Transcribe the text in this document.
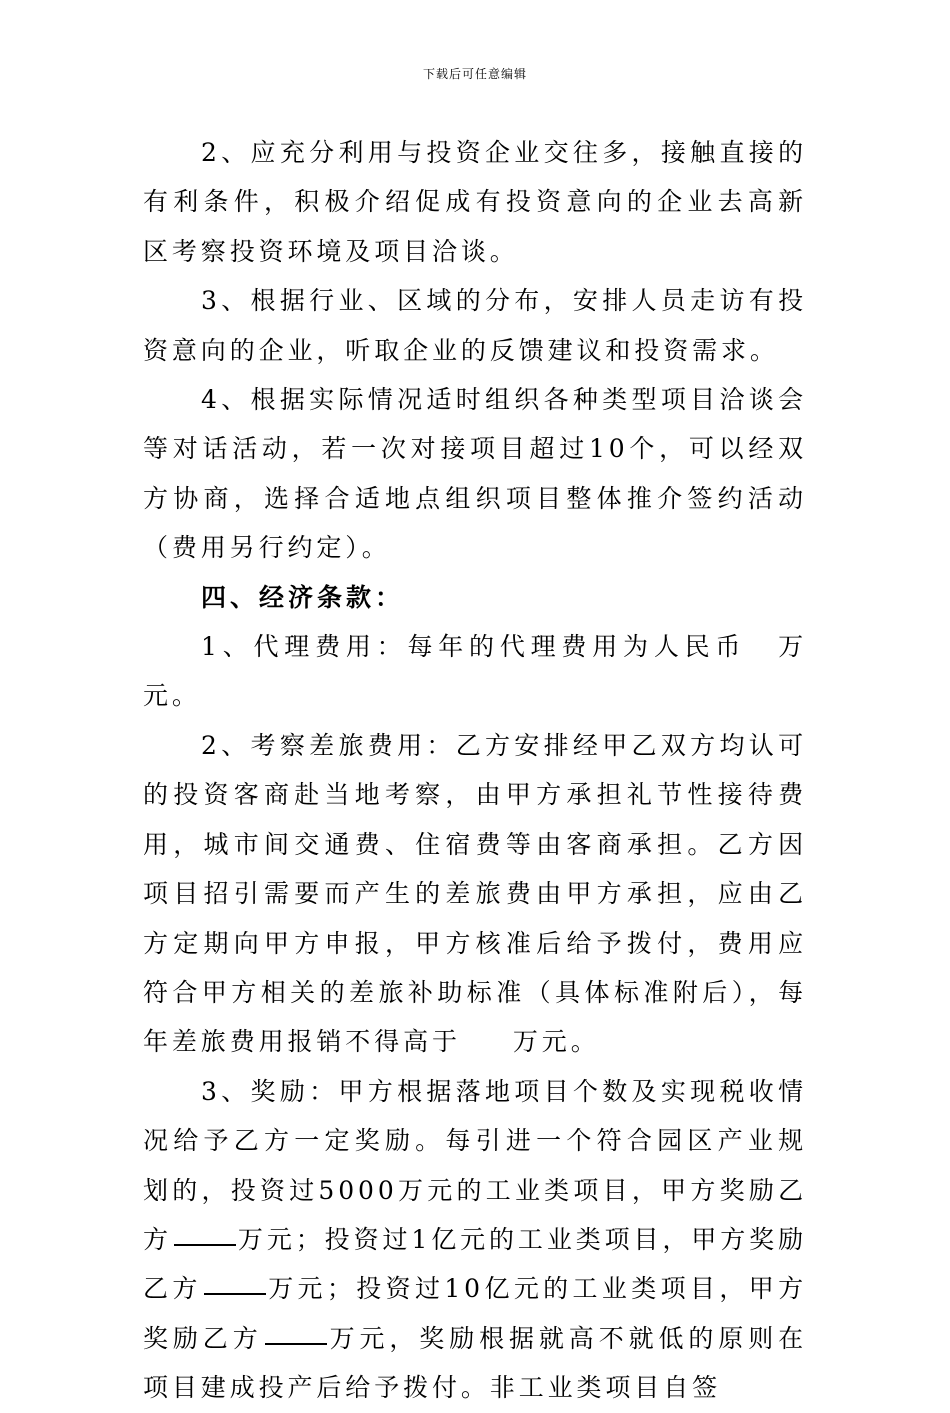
下载后可任意编辑

2、应充分利用与投资企业交往多，接触直接的有利条件，积极介绍促成有投资意向的企业去高新区考察投资环境及项目洽谈。

3、根据行业、区域的分布，安排人员走访有投资意向的企业，听取企业的反馈建议和投资需求。

4、根据实际情况适时组织各种类型项目洽谈会等对话活动，若一次对接项目超过10个，可以经双方协商，选择合适地点组织项目整体推介签约活动（费用另行约定）。

四、经济条款：

1、代理费用：每年的代理费用为人民币 万元。

2、考察差旅费用：乙方安排经甲乙双方均认可的投资客商赴当地考察，由甲方承担礼节性接待费用，城市间交通费、住宿费等由客商承担。乙方因项目招引需要而产生的差旅费由甲方承担，应由乙方定期向甲方申报，甲方核准后给予拨付，费用应符合甲方相关的差旅补助标准（具体标准附后），每年差旅费用报销不得高于 万元。

3、奖励：甲方根据落地项目个数及实现税收情况给予乙方一定奖励。每引进一个符合园区产业规划的，投资过5000万元的工业类项目，甲方奖励乙方	万元；投资过1亿元的工业类项目，甲方奖励乙方	万元；投资过10亿元的工业类项目，甲方奖励乙方	万元，奖励根据就高不就低的原则在项目建成投产后给予拨付。非工业类项目自签
